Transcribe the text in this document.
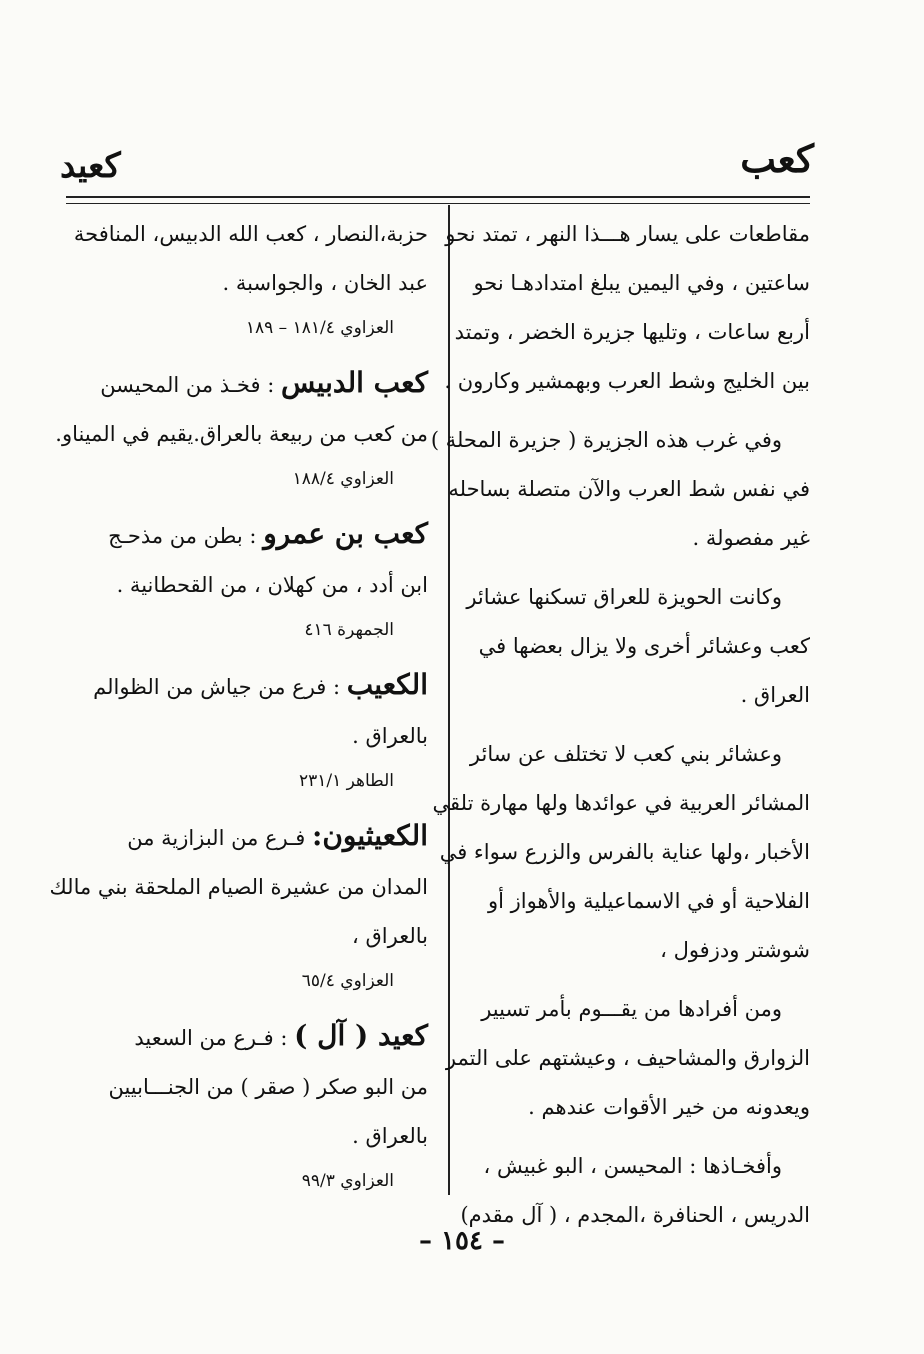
كعب
كعيد
مقاطعات على يسار هـــذا النهر ، تمتد نحو
ساعتين ، وفي اليمين يبلغ امتدادهـا نحو
أربع ساعات ، وتليها جزيرة الخضر ، وتمتد
بين الخليج وشط العرب وبهمشير وكارون .
وفي غرب هذه الجزيرة ( جزيرة المحلة )
في نفس شط العرب والآن متصلة بساحله
غير مفصولة .
وكانت الحويزة للعراق تسكنها عشائر
كعب وعشائر أخرى ولا يزال بعضها في
العراق .
وعشائر بني كعب لا تختلف عن سائر
المشائر العربية في عوائدها ولها مهارة تلقي
الأخبار ،ولها عناية بالفرس والزرع سواء في
الفلاحية أو في الاسماعيلية والأهواز أو
شوشتر ودزفول ،
ومن أفرادها من يقـــوم بأمر تسيير
الزوارق والمشاحيف ، وعيشتهم على التمر
ويعدونه من خير الأقوات عندهم .
وأفخـاذها : المحيسن ، البو غبيش ،
الدريس ، الحنافرة ،المجدم ، ( آل مقدم)
حزبة،النصار ، كعب الله الدبيس، المنافحة
عبد الخان ، والجواسبة .
العزاوي ١٨١/٤ – ١٨٩
كعب الدبيس : فخـذ من المحيسن
من كعب من ربيعة بالعراق.يقيم في الميناو.
العزاوي ١٨٨/٤
كعب بن عمرو : بطن من مذحـج
ابن أدد ، من كهلان ، من القحطانية .
الجمهرة ٤١٦
الكعيب : فرع من جياش من الظوالم
بالعراق .
الطاهر ٢٣١/١
الكعيثيون: فـرع من البزازية من
المدان من عشيرة الصيام الملحقة بني مالك
بالعراق ،
العزاوي ٦٥/٤
كعيد ( آل ) : فـرع من السعيد
من البو صكر ( صقر ) من الجنـــابيين
بالعراق .
العزاوي ٩٩/٣
– ١٥٤ –
